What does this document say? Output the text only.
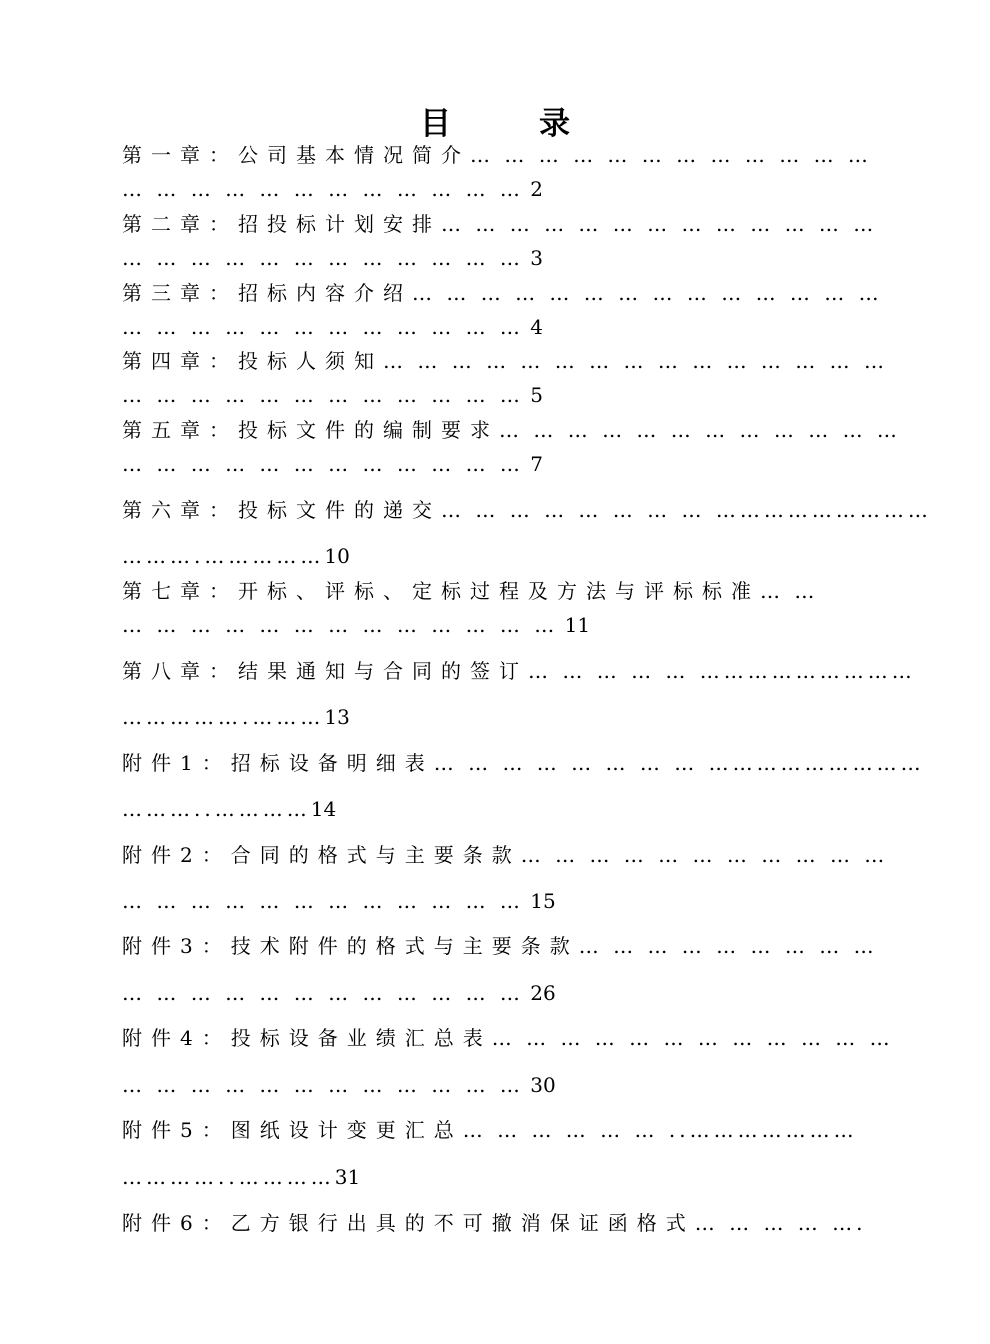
目	录
第一章：公司基本情况简介… … … … … … … … … … … …
… … … … … … … … … … … … 2
第二章：招投标计划安排… … … … … … … … … … … … …
… … … … … … … … … … … … 3
第三章：招标内容介绍… … … … … … … … … … … … … …
… … … … … … … … … … … … 4
第四章：投标人须知… … … … … … … … … … … … … … …
… … … … … … … … … … … … 5
第五章：投标文件的编制要求… … … … … … … … … … … …
… … … … … … … … … … … … 7
第六章：投标文件的递交… … … … … … … … ………………………
……….……………10
第七章：开标、评标、定标过程及方法与评标标准… …
… … … … … … … … … … … … … 11
第八章：结果通知与合同的签订… … … … … ………………………
…………….………13
附件1：招标设备明细表… … … … … … … … ………………………
………..…………14
附件2：合同的格式与主要条款… … … … … … … … … … …
… … … … … … … … … … … … 15
附件3：技术附件的格式与主要条款… … … … … … … … …
… … … … … … … … … … … … 26
附件4：投标设备业绩汇总表… … … … … … … … … … … …
… … … … … … … … … … … … 30
附件5：图纸设计变更汇总… … … … … … ..…………………
…………..…………31
附件6：乙方银行出具的不可撤消保证函格式… … … … ….
